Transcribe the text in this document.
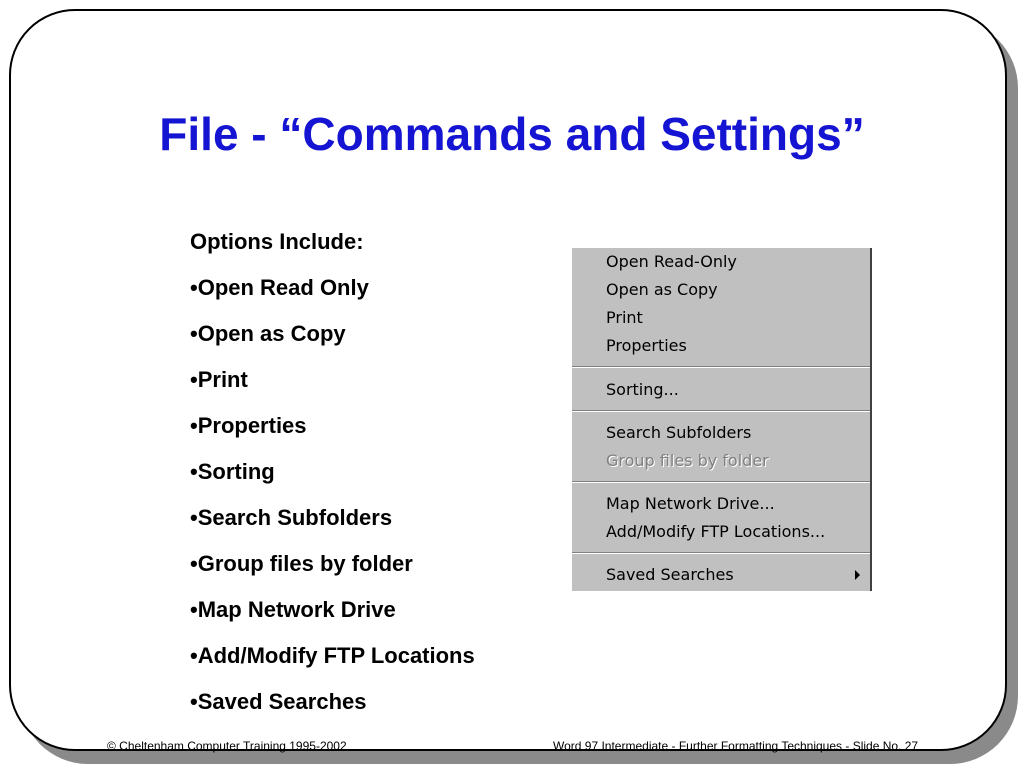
File - “Commands and Settings”
Options Include:
•Open Read Only
•Open as Copy
•Print
•Properties
•Sorting
•Search Subfolders
•Group files by folder
•Map Network Drive
•Add/Modify FTP Locations
•Saved Searches
Open Read-Only
Open as Copy
Print
Properties
Sorting...
Search Subfolders
Group files by folder
Map Network Drive...
Add/Modify FTP Locations...
Saved Searches
© Cheltenham Computer Training 1995-2002	Word 97 Intermediate - Further Formatting Techniques - Slide No. 27
